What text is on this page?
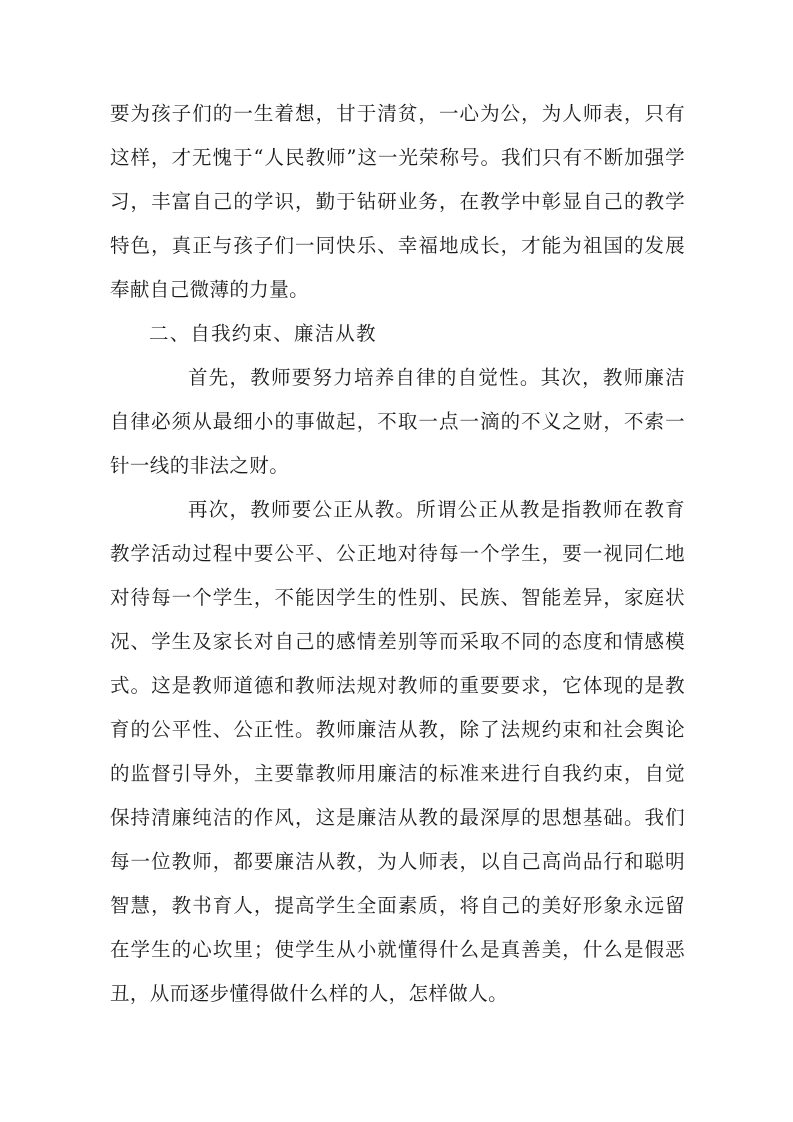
要为孩子们的一生着想，甘于清贫，一心为公，为人师表，只有这样，才无愧于“人民教师”这一光荣称号。我们只有不断加强学习，丰富自己的学识，勤于钻研业务，在教学中彰显自己的教学特色，真正与孩子们一同快乐、幸福地成长，才能为祖国的发展奉献自己微薄的力量。

二、自我约束、廉洁从教

首先，教师要努力培养自律的自觉性。其次，教师廉洁自律必须从最细小的事做起，不取一点一滴的不义之财，不索一针一线的非法之财。

再次，教师要公正从教。所谓公正从教是指教师在教育教学活动过程中要公平、公正地对待每一个学生，要一视同仁地对待每一个学生，不能因学生的性别、民族、智能差异，家庭状况、学生及家长对自己的感情差别等而采取不同的态度和情感模式。这是教师道德和教师法规对教师的重要要求，它体现的是教育的公平性、公正性。教师廉洁从教，除了法规约束和社会舆论的监督引导外，主要靠教师用廉洁的标准来进行自我约束，自觉保持清廉纯洁的作风，这是廉洁从教的最深厚的思想基础。我们每一位教师，都要廉洁从教，为人师表，以自己高尚品行和聪明智慧，教书育人，提高学生全面素质，将自己的美好形象永远留在学生的心坎里；使学生从小就懂得什么是真善美，什么是假恶丑，从而逐步懂得做什么样的人，怎样做人。
